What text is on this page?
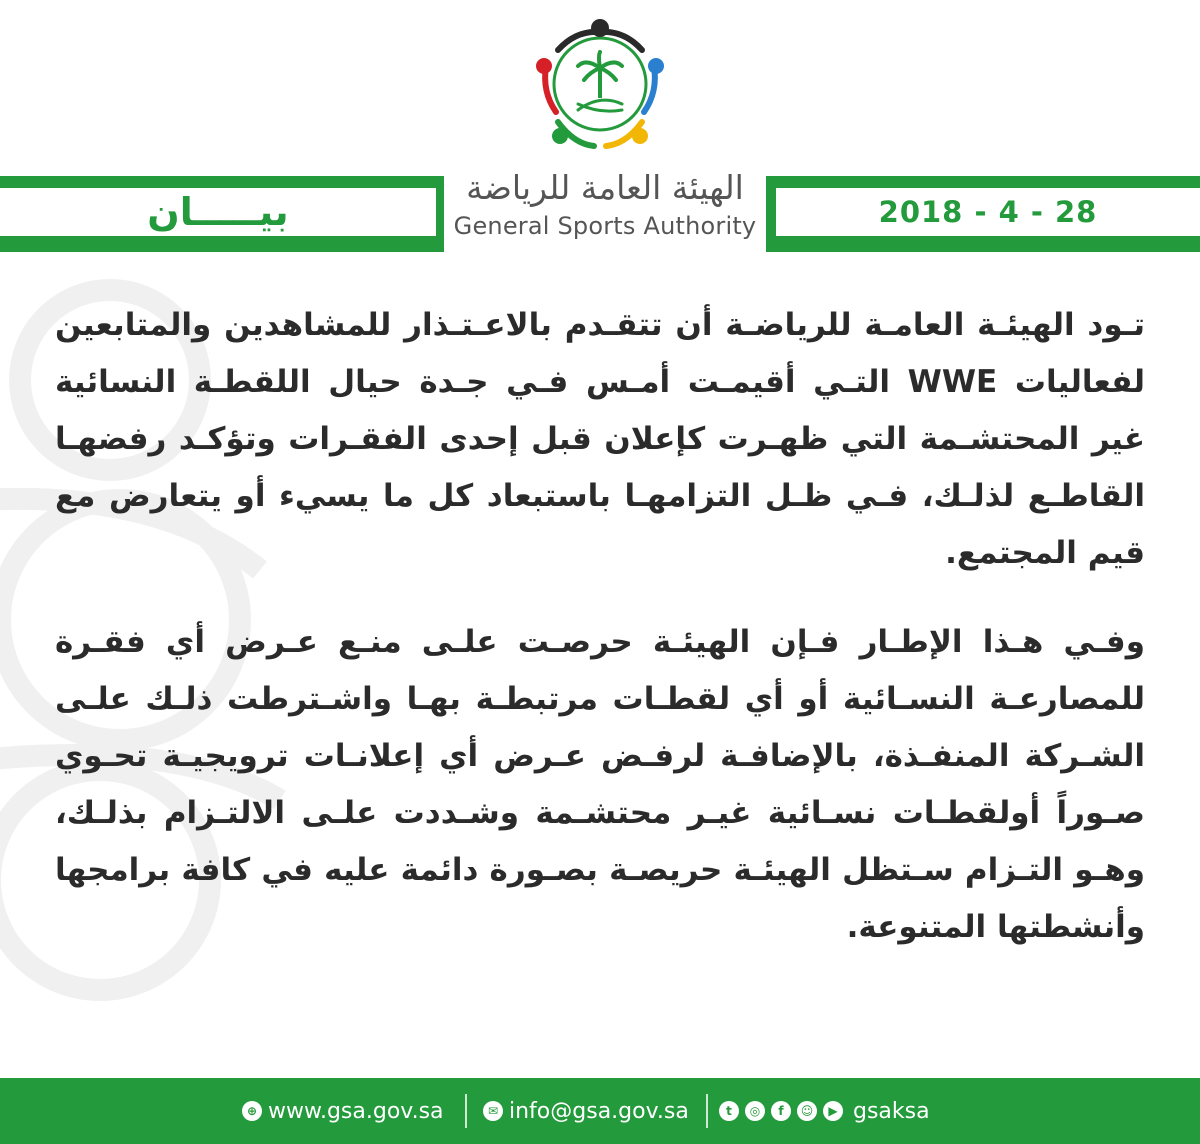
2018 - 4 - 28
بيـــــان
الهيئة العامة للرياضة
General Sports Authority

تـود الهيئـة العامـة للرياضـة أن تتقـدم بالاعـتـذار للمشاهدين والمتابعين لفعاليات WWE التـي أقيمـت أمـس فـي جـدة حيال اللقطـة النسائية غير المحتشـمة التي ظهـرت كإعلان قبل إحدى الفقـرات وتؤكـد رفضهـا القاطـع لذلـك، فـي ظـل التزامهـا باستبعاد كل ما يسيء أو يتعارض مع قيم المجتمع.

وفـي هـذا الإطـار فـإن الهيئـة حرصـت علـى منـع عـرض أي فقـرة للمصارعـة النسـائية أو أي لقطـات مرتبطـة بهـا واشـترطت ذلـك علـى الشـركة المنفـذة، بالإضافـة لرفـض عـرض أي إعلانـات ترويجيـة تحـوي صـوراً أولقطـات نسـائية غيـر محتشـمة وشـددت علـى الالتـزام بذلـك، وهـو التـزام سـتظل الهيئـة حريصـة بصـورة دائمة عليه في كافة برامجها وأنشطتها المتنوعة.

⊕ www.gsa.gov.sa	✉ info@gsa.gov.sa	t	◎	f	☺	▶ gsaksa
